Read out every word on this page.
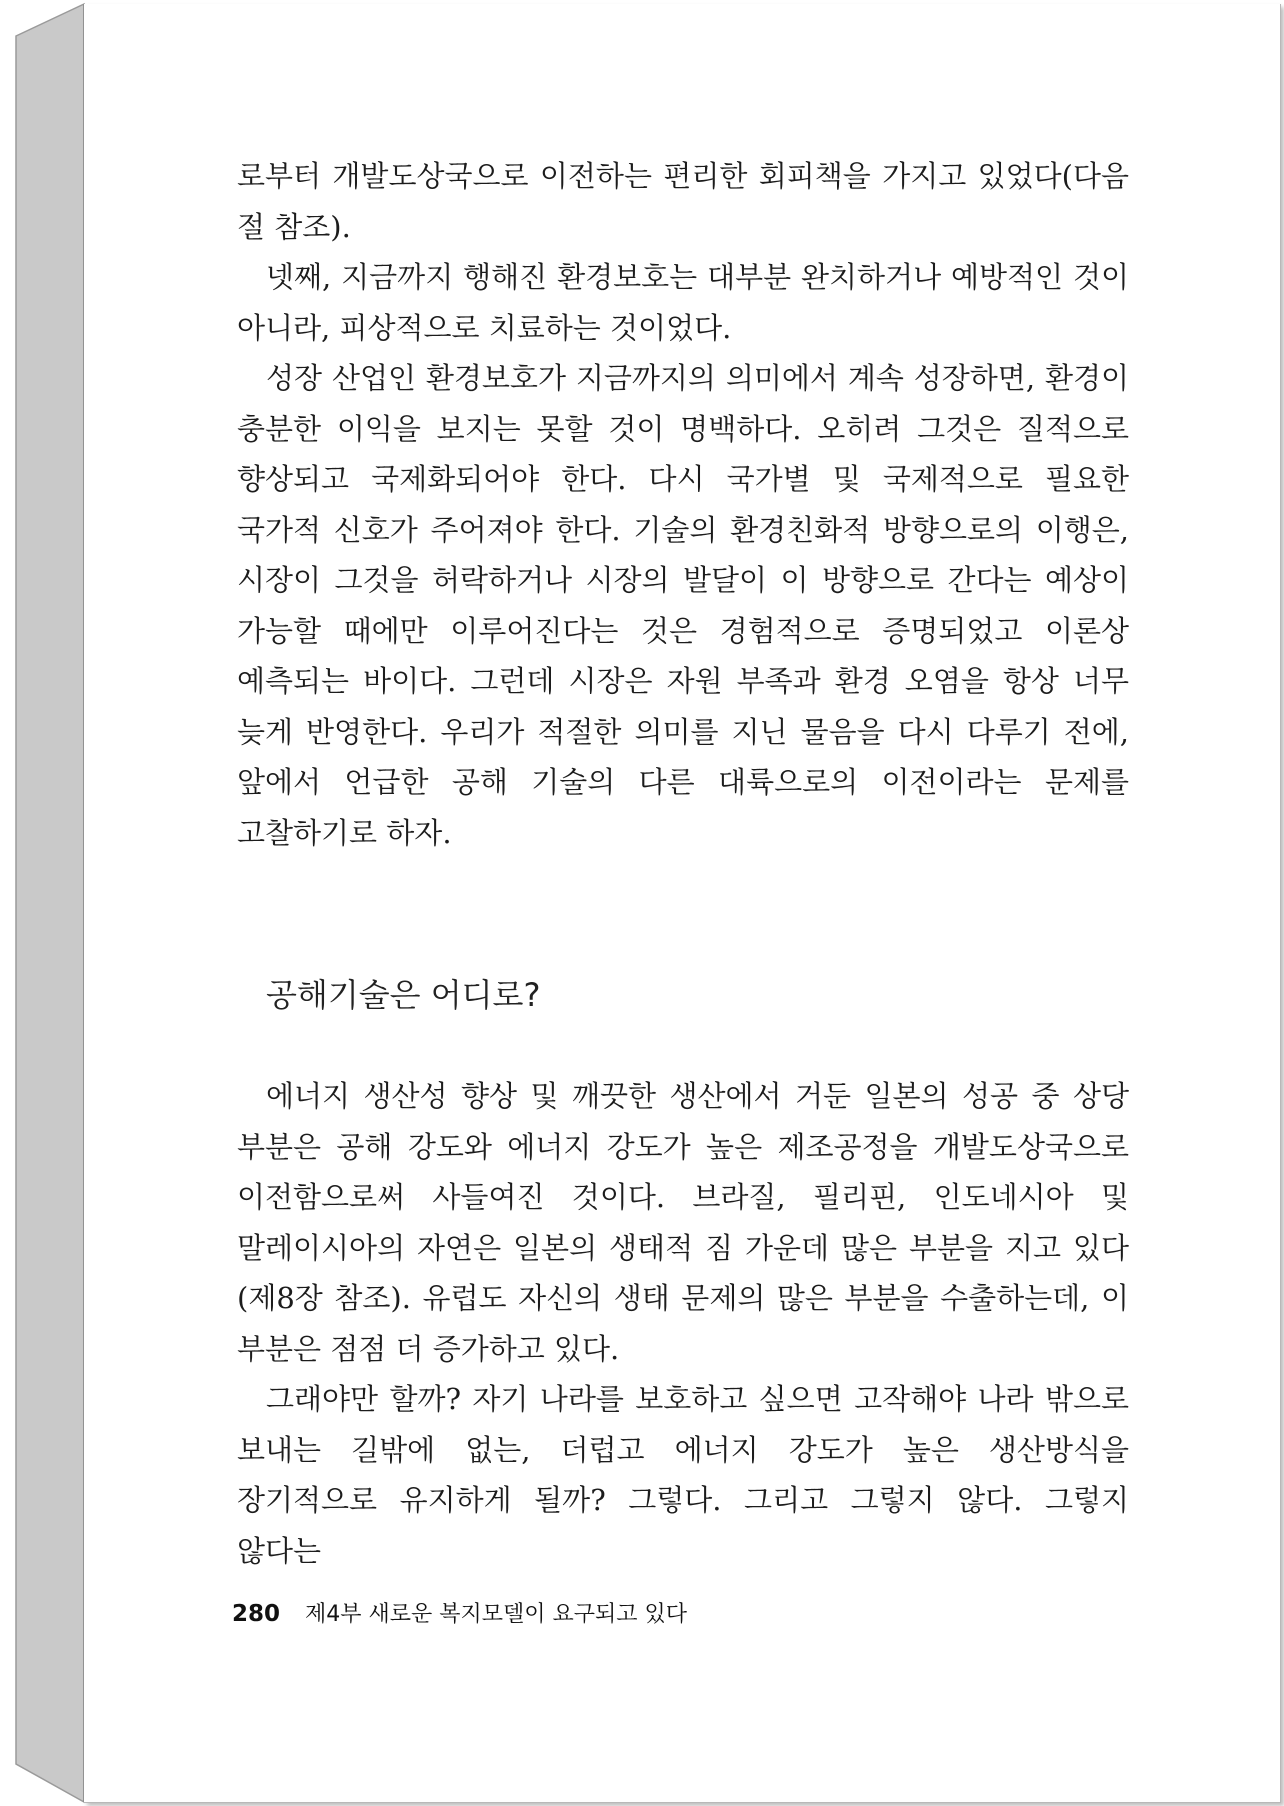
로부터 개발도상국으로 이전하는 편리한 회피책을 가지고 있었다(다음 절 참조).

넷째, 지금까지 행해진 환경보호는 대부분 완치하거나 예방적인 것이 아니라, 피상적으로 치료하는 것이었다.

성장 산업인 환경보호가 지금까지의 의미에서 계속 성장하면, 환경이 충분한 이익을 보지는 못할 것이 명백하다. 오히려 그것은 질적으로 향상되고 국제화되어야 한다. 다시 국가별 및 국제적으로 필요한 국가적 신호가 주어져야 한다. 기술의 환경친화적 방향으로의 이행은, 시장이 그것을 허락하거나 시장의 발달이 이 방향으로 간다는 예상이 가능할 때에만 이루어진다는 것은 경험적으로 증명되었고 이론상 예측되는 바이다. 그런데 시장은 자원 부족과 환경 오염을 항상 너무 늦게 반영한다. 우리가 적절한 의미를 지닌 물음을 다시 다루기 전에, 앞에서 언급한 공해 기술의 다른 대륙으로의 이전이라는 문제를 고찰하기로 하자.

공해기술은 어디로?

에너지 생산성 향상 및 깨끗한 생산에서 거둔 일본의 성공 중 상당 부분은 공해 강도와 에너지 강도가 높은 제조공정을 개발도상국으로 이전함으로써 사들여진 것이다. 브라질, 필리핀, 인도네시아 및 말레이시아의 자연은 일본의 생태적 짐 가운데 많은 부분을 지고 있다(제8장 참조). 유럽도 자신의 생태 문제의 많은 부분을 수출하는데, 이 부분은 점점 더 증가하고 있다.

그래야만 할까? 자기 나라를 보호하고 싶으면 고작해야 나라 밖으로 보내는 길밖에 없는, 더럽고 에너지 강도가 높은 생산방식을 장기적으로 유지하게 될까? 그렇다. 그리고 그렇지 않다. 그렇지 않다는

280 제4부 새로운 복지모델이 요구되고 있다
